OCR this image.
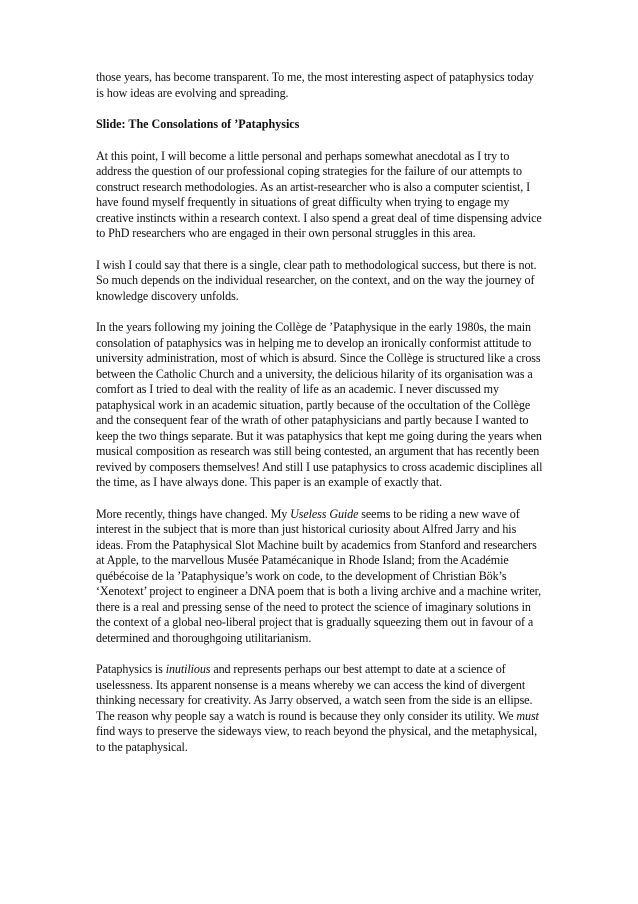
those years, has become transparent. To me, the most interesting aspect of pataphysics today is how ideas are evolving and spreading.

Slide: The Consolations of ’Pataphysics

At this point, I will become a little personal and perhaps somewhat anecdotal as I try to address the question of our professional coping strategies for the failure of our attempts to construct research methodologies. As an artist-researcher who is also a computer scientist, I have found myself frequently in situations of great difficulty when trying to engage my creative instincts within a research context. I also spend a great deal of time dispensing advice to PhD researchers who are engaged in their own personal struggles in this area.

I wish I could say that there is a single, clear path to methodological success, but there is not. So much depends on the individual researcher, on the context, and on the way the journey of knowledge discovery unfolds.

In the years following my joining the Collège de ’Pataphysique in the early 1980s, the main consolation of pataphysics was in helping me to develop an ironically conformist attitude to university administration, most of which is absurd. Since the Collège is structured like a cross between the Catholic Church and a university, the delicious hilarity of its organisation was a comfort as I tried to deal with the reality of life as an academic. I never discussed my pataphysical work in an academic situation, partly because of the occultation of the Collège and the consequent fear of the wrath of other pataphysicians and partly because I wanted to keep the two things separate. But it was pataphysics that kept me going during the years when musical composition as research was still being contested, an argument that has recently been revived by composers themselves! And still I use pataphysics to cross academic disciplines all the time, as I have always done. This paper is an example of exactly that.

More recently, things have changed. My Useless Guide seems to be riding a new wave of interest in the subject that is more than just historical curiosity about Alfred Jarry and his ideas. From the Pataphysical Slot Machine built by academics from Stanford and researchers at Apple, to the marvellous Musée Patamécanique in Rhode Island; from the Académie québécoise de la ’Pataphysique’s work on code, to the development of Christian Bök’s ‘Xenotext’ project to engineer a DNA poem that is both a living archive and a machine writer, there is a real and pressing sense of the need to protect the science of imaginary solutions in the context of a global neo-liberal project that is gradually squeezing them out in favour of a determined and thoroughgoing utilitarianism.

Pataphysics is inutilious and represents perhaps our best attempt to date at a science of uselessness. Its apparent nonsense is a means whereby we can access the kind of divergent thinking necessary for creativity. As Jarry observed, a watch seen from the side is an ellipse. The reason why people say a watch is round is because they only consider its utility. We must find ways to preserve the sideways view, to reach beyond the physical, and the metaphysical, to the pataphysical.
